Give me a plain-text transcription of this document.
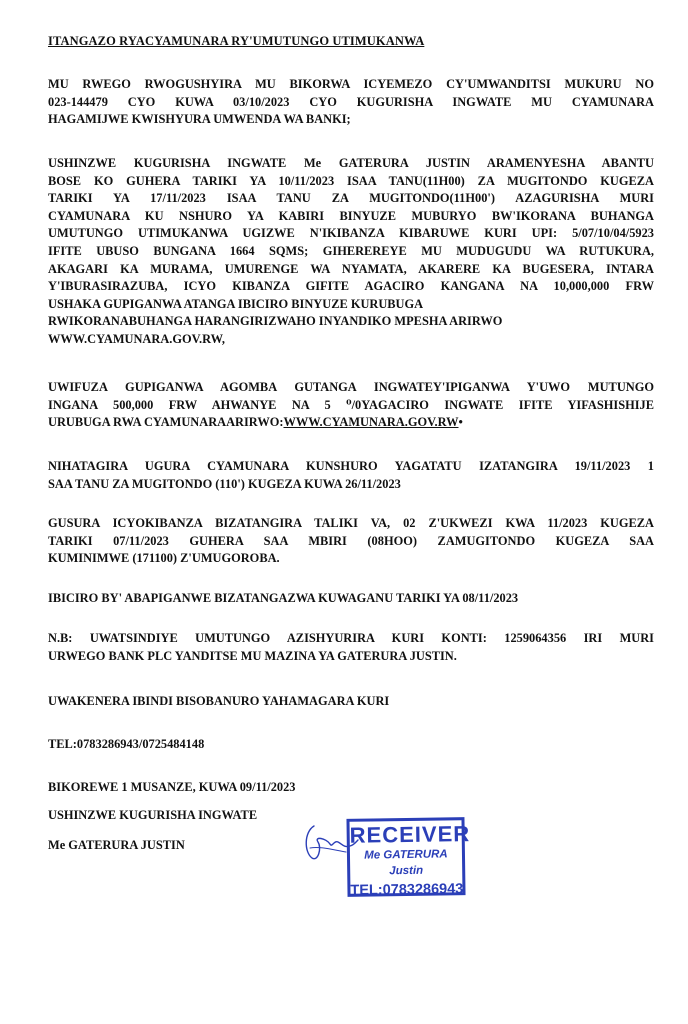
ITANGAZO RYACYAMUNARA RY'UMUTUNGO UTIMUKANWA
MU RWEGO RWOGUSHYIRA MU BIKORWA ICYEMEZO CY'UMWANDITSI MUKURU NO
023-144479 CYO KUWA 03/10/2023 CYO KUGURISHA INGWATE MU CYAMUNARA
HAGAMIJWE KWISHYURA UMWENDA WA BANKI;
USHINZWE KUGURISHA INGWATE Me GATERURA JUSTIN ARAMENYESHA ABANTU
BOSE KO GUHERA TARIKI YA 10/11/2023 ISAA TANU(11H00) ZA MUGITONDO KUGEZA
TARIKI YA 17/11/2023 ISAA TANU ZA MUGITONDO(11H00') AZAGURISHA MURI
CYAMUNARA KU NSHURO YA KABIRI BINYUZE MUBURYO BW'IKORANA BUHANGA
UMUTUNGO UTIMUKANWA UGIZWE N'IKIBANZA KIBARUWE KURI UPI: 5/07/10/04/5923
IFITE UBUSO BUNGANA 1664 SQMS; GIHEREREYE MU MUDUGUDU WA RUTUKURA,
AKAGARI KA MURAMA, UMURENGE WA NYAMATA, AKARERE KA BUGESERA, INTARA
Y'IBURASIRAZUBA, ICYO KIBANZA GIFITE AGACIRO KANGANA NA 10,000,000 FRW
USHAKA GUPIGANWA ATANGA IBICIRO BINYUZE KURUBUGA
RWIKORANABUHANGA HARANGIRIZWAHO INYANDIKO MPESHA ARIRWO
WWW.CYAMUNARA.GOV.RW,
UWIFUZA GUPIGANWA AGOMBA GUTANGA INGWATEY'IPIGANWA Y'UWO MUTUNGO
INGANA 500,000 FRW AHWANYE NA 5 ⁰/0YAGACIRO INGWATE IFITE YIFASHISHIJE
URUBUGA RWA CYAMUNARAARIRWO:WWW.CYAMUNARA.GOV.RW•
NIHATAGIRA UGURA CYAMUNARA KUNSHURO YAGATATU IZATANGIRA 19/11/2023 1
SAA TANU ZA MUGITONDO (110') KUGEZA KUWA 26/11/2023
GUSURA ICYOKIBANZA BIZATANGIRA TALIKI VA, 02 Z'UKWEZI KWA 11/2023 KUGEZA
TARIKI 07/11/2023 GUHERA SAA MBIRI (08HOO) ZAMUGITONDO KUGEZA SAA
KUMINIMWE (171100) Z'UMUGOROBA.

IBICIRO BY' ABAPIGANWE BIZATANGAZWA KUWAGANU TARIKI YA 08/11/2023

N.B: UWATSINDIYE UMUTUNGO AZISHYURIRA KURI KONTI: 1259064356 IRI MURI
URWEGO BANK PLC YANDITSE MU MAZINA YA GATERURA JUSTIN.

UWAKENERA IBINDI BISOBANURO YAHAMAGARA KURI

TEL:0783286943/0725484148

BIKOREWE 1 MUSANZE, KUWA 09/11/2023

USHINZWE KUGURISHA INGWATE

Me GATERURA JUSTIN	RECEIVER
Me GATERURA Justin
TEL:0783286943
